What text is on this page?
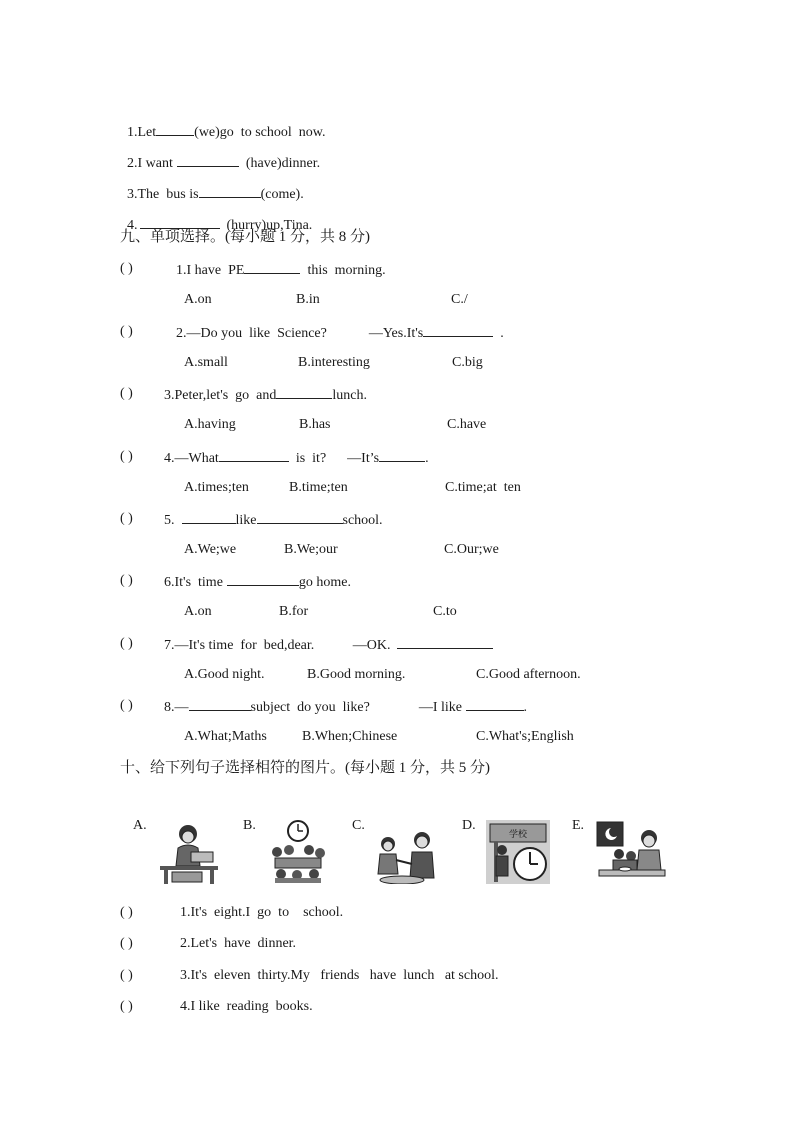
1.Let	(we)go  to school  now.

2.I want	(have)dinner.

3.The  bus is	(come).

4.	(hurry)up,Tina.

九、单项选择。(每小题 1 分，共 8 分)
( )	1.I have  PE	this  morning.
A.on	B.in	C./
( )	2.—Do you  like  Science?            —Yes.It's	.
A.small	B.interesting	C.big
( ) 3.Peter,let's  go  and	lunch.
A.having	B.has	C.have
( ) 4.—What	is  it?      —It’s	.
A.times;ten	B.time;ten	C.time;at  ten
( ) 5.	like	school.
A.We;we	B.We;our	C.Our;we
( ) 6.It's  time	go home.
A.on	B.for	C.to
( ) 7.—It's time  for  bed,dear.           —OK.
A.Good night.	B.Good morning.	C.Good afternoon.
( ) 8.—	subject  do you  like?              —I like	.
A.What;Maths	B.When;Chinese	C.What's;English
十、给下列句子选择相符的图片。(每小题 1 分，共 5 分)
A.	B.	C.	D.
学校
E.
( )	1.It's  eight.I  go  to    school.
( )	2.Let's  have  dinner.
( )	3.It's  eleven  thirty.My   friends   have  lunch   at school.
( )	4.I like  reading  books.
